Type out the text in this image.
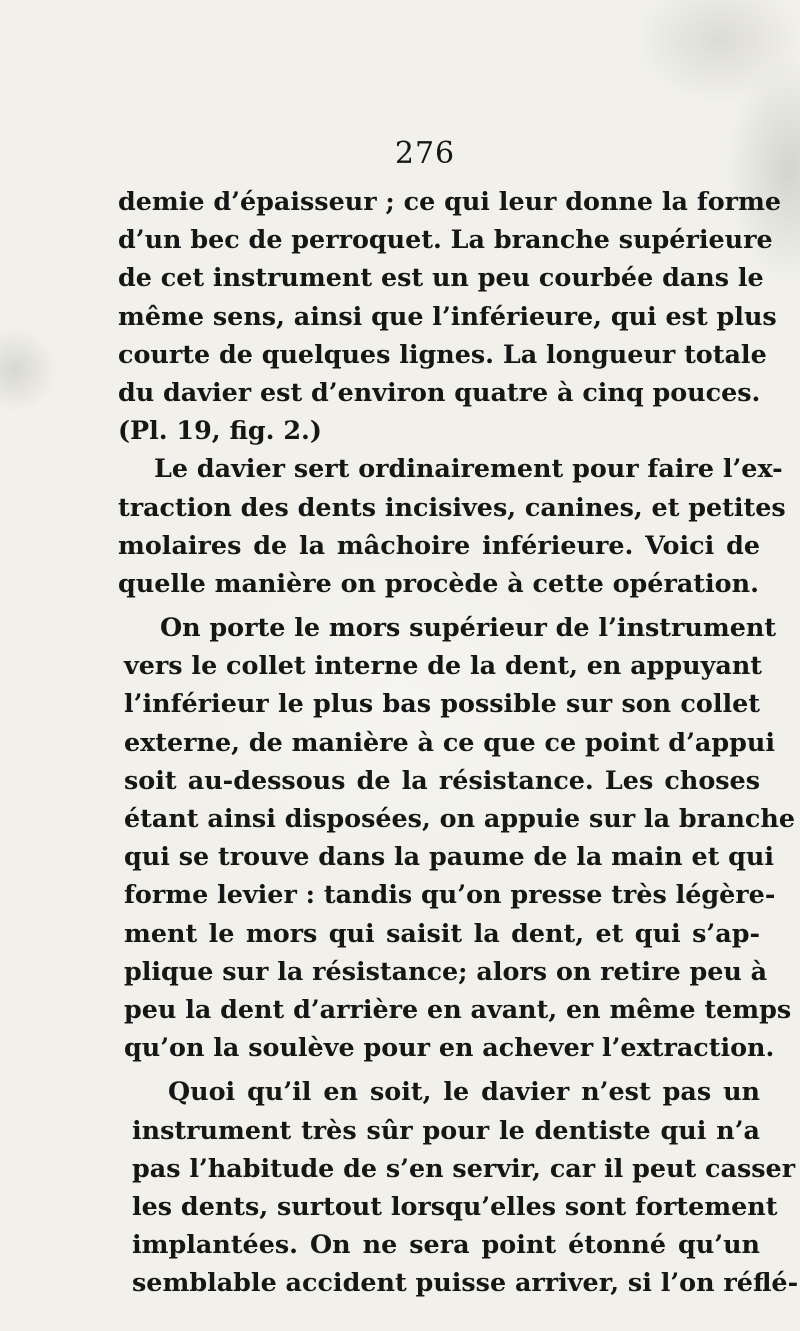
276
demie d’épaisseur ; ce qui leur donne la forme
d’un bec de perroquet. La branche supérieure
de cet instrument est un peu courbée dans le
même sens, ainsi que l’inférieure, qui est plus
courte de quelques lignes. La longueur totale
du davier est d’environ quatre à cinq pouces.
(Pl. 19, fig. 2.)
Le davier sert ordinairement pour faire l’ex-
traction des dents incisives, canines, et petites
molaires de la mâchoire inférieure. Voici de
quelle manière on procède à cette opération.
On porte le mors supérieur de l’instrument
vers le collet interne de la dent, en appuyant
l’inférieur le plus bas possible sur son collet
externe, de manière à ce que ce point d’appui
soit au-dessous de la résistance. Les choses
étant ainsi disposées, on appuie sur la branche
qui se trouve dans la paume de la main et qui
forme levier : tandis qu’on presse très légère-
ment le mors qui saisit la dent, et qui s’ap-
plique sur la résistance; alors on retire peu à
peu la dent d’arrière en avant, en même temps
qu’on la soulève pour en achever l’extraction.
Quoi qu’il en soit, le davier n’est pas un
instrument très sûr pour le dentiste qui n’a
pas l’habitude de s’en servir, car il peut casser
les dents, surtout lorsqu’elles sont fortement
implantées. On ne sera point étonné qu’un
semblable accident puisse arriver, si l’on réflé-
